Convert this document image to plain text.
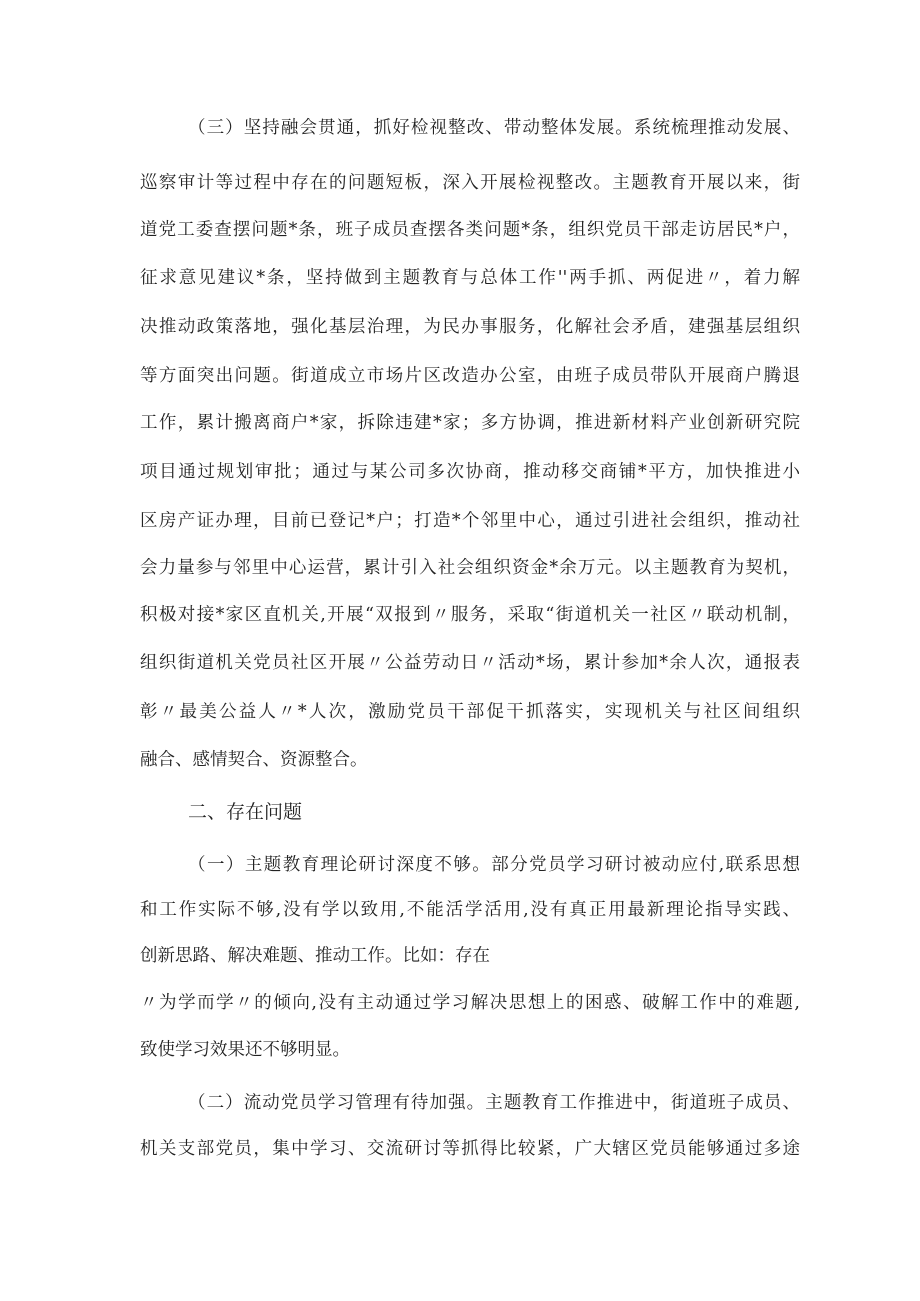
（三）坚持融会贯通，抓好检视整改、带动整体发展。系统梳理推动发展、
巡察审计等过程中存在的问题短板，深入开展检视整改。主题教育开展以来，街
道党工委查摆问题*条，班子成员查摆各类问题*条，组织党员干部走访居民*户，
征求意见建议*条，坚持做到主题教育与总体工作''两手抓、两促进〃，着力解
决推动政策落地，强化基层治理，为民办事服务，化解社会矛盾，建强基层组织
等方面突出问题。街道成立市场片区改造办公室，由班子成员带队开展商户腾退
工作，累计搬离商户*家，拆除违建*家；多方协调，推进新材料产业创新研究院
项目通过规划审批；通过与某公司多次协商，推动移交商铺*平方，加快推进小
区房产证办理，目前已登记*户；打造*个邻里中心，通过引进社会组织，推动社
会力量参与邻里中心运营，累计引入社会组织资金*余万元。以主题教育为契机，
积极对接*家区直机关,开展“双报到〃服务，采取“街道机关一社区〃联动机制，
组织街道机关党员社区开展〃公益劳动日〃活动*场，累计参加*余人次，通报表
彰〃最美公益人〃*人次，激励党员干部促干抓落实，实现机关与社区间组织
融合、感情契合、资源整合。
二、存在问题
（一）主题教育理论研讨深度不够。部分党员学习研讨被动应付,联系思想
和工作实际不够,没有学以致用,不能活学活用,没有真正用最新理论指导实践、
创新思路、解决难题、推动工作。比如：存在
〃为学而学〃的倾向,没有主动通过学习解决思想上的困惑、破解工作中的难题,
致使学习效果还不够明显。
（二）流动党员学习管理有待加强。主题教育工作推进中，街道班子成员、
机关支部党员，集中学习、交流研讨等抓得比较紧，广大辖区党员能够通过多途
